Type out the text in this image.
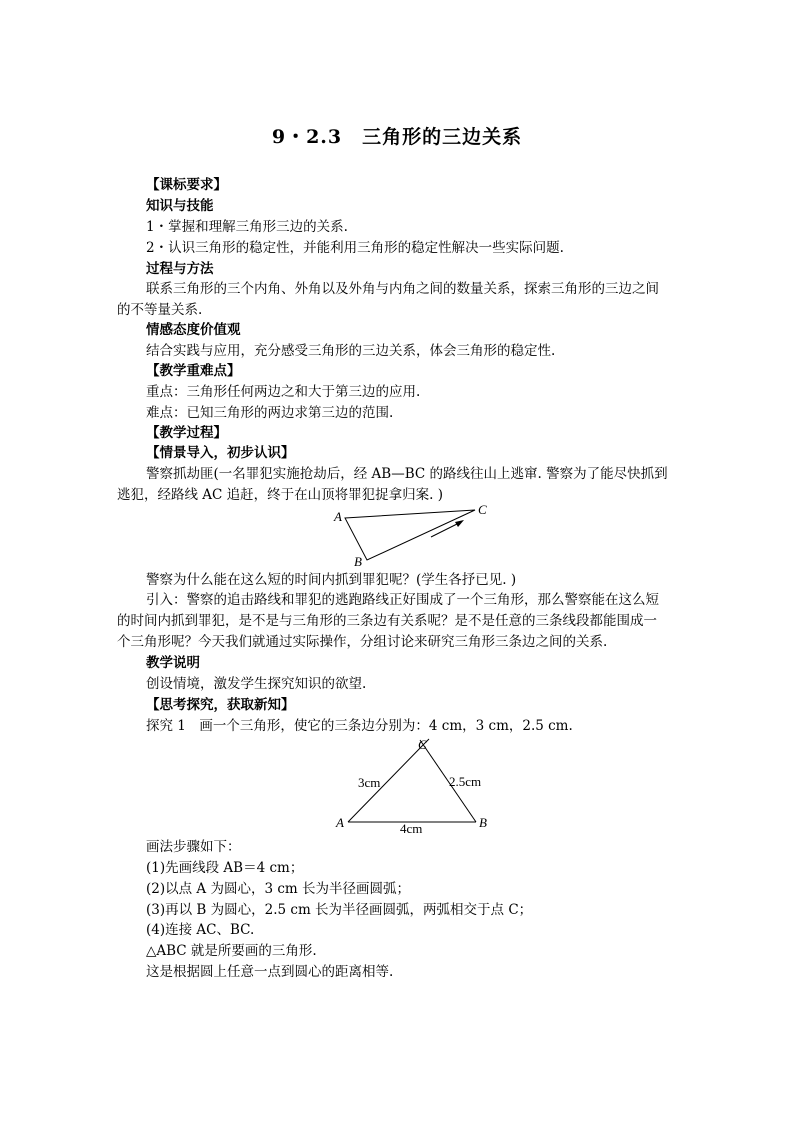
9・2.3　三角形的三边关系
【课标要求】
知识与技能
1・掌握和理解三角形三边的关系.
2・认识三角形的稳定性，并能利用三角形的稳定性解决一些实际问题.
过程与方法
联系三角形的三个内角、外角以及外角与内角之间的数量关系，探索三角形的三边之间
的不等量关系.
情感态度价值观
结合实践与应用，充分感受三角形的三边关系，体会三角形的稳定性.
【教学重难点】
重点：三角形任何两边之和大于第三边的应用.
难点：已知三角形的两边求第三边的范围.
【教学过程】
【情景导入，初步认识】
警察抓劫匪(一名罪犯实施抢劫后，经 AB—BC 的路线往山上逃窜. 警察为了能尽快抓到
逃犯，经路线 AC 追赶，终于在山顶将罪犯捉拿归案. )
A	C
B
警察为什么能在这么短的时间内抓到罪犯呢？(学生各抒已见. )
引入：警察的追击路线和罪犯的逃跑路线正好围成了一个三角形，那么警察能在这么短
的时间内抓到罪犯，是不是与三角形的三条边有关系呢？是不是任意的三条线段都能围成一
个三角形呢？今天我们就通过实际操作，分组讨论来研究三角形三条边之间的关系.
教学说明
创设情境，激发学生探究知识的欲望.
【思考探究，获取新知】
探究 1　画一个三角形，使它的三条边分别为：4 cm，3 cm，2.5 cm.
A	B
C
3cm	2.5cm
4cm
画法步骤如下：
(1)先画线段 AB＝4 cm；
(2)以点 A 为圆心，3 cm 长为半径画圆弧；
(3)再以 B 为圆心，2.5 cm 长为半径画圆弧，两弧相交于点 C；
(4)连接 AC、BC.
△ABC 就是所要画的三角形.
这是根据圆上任意一点到圆心的距离相等.
